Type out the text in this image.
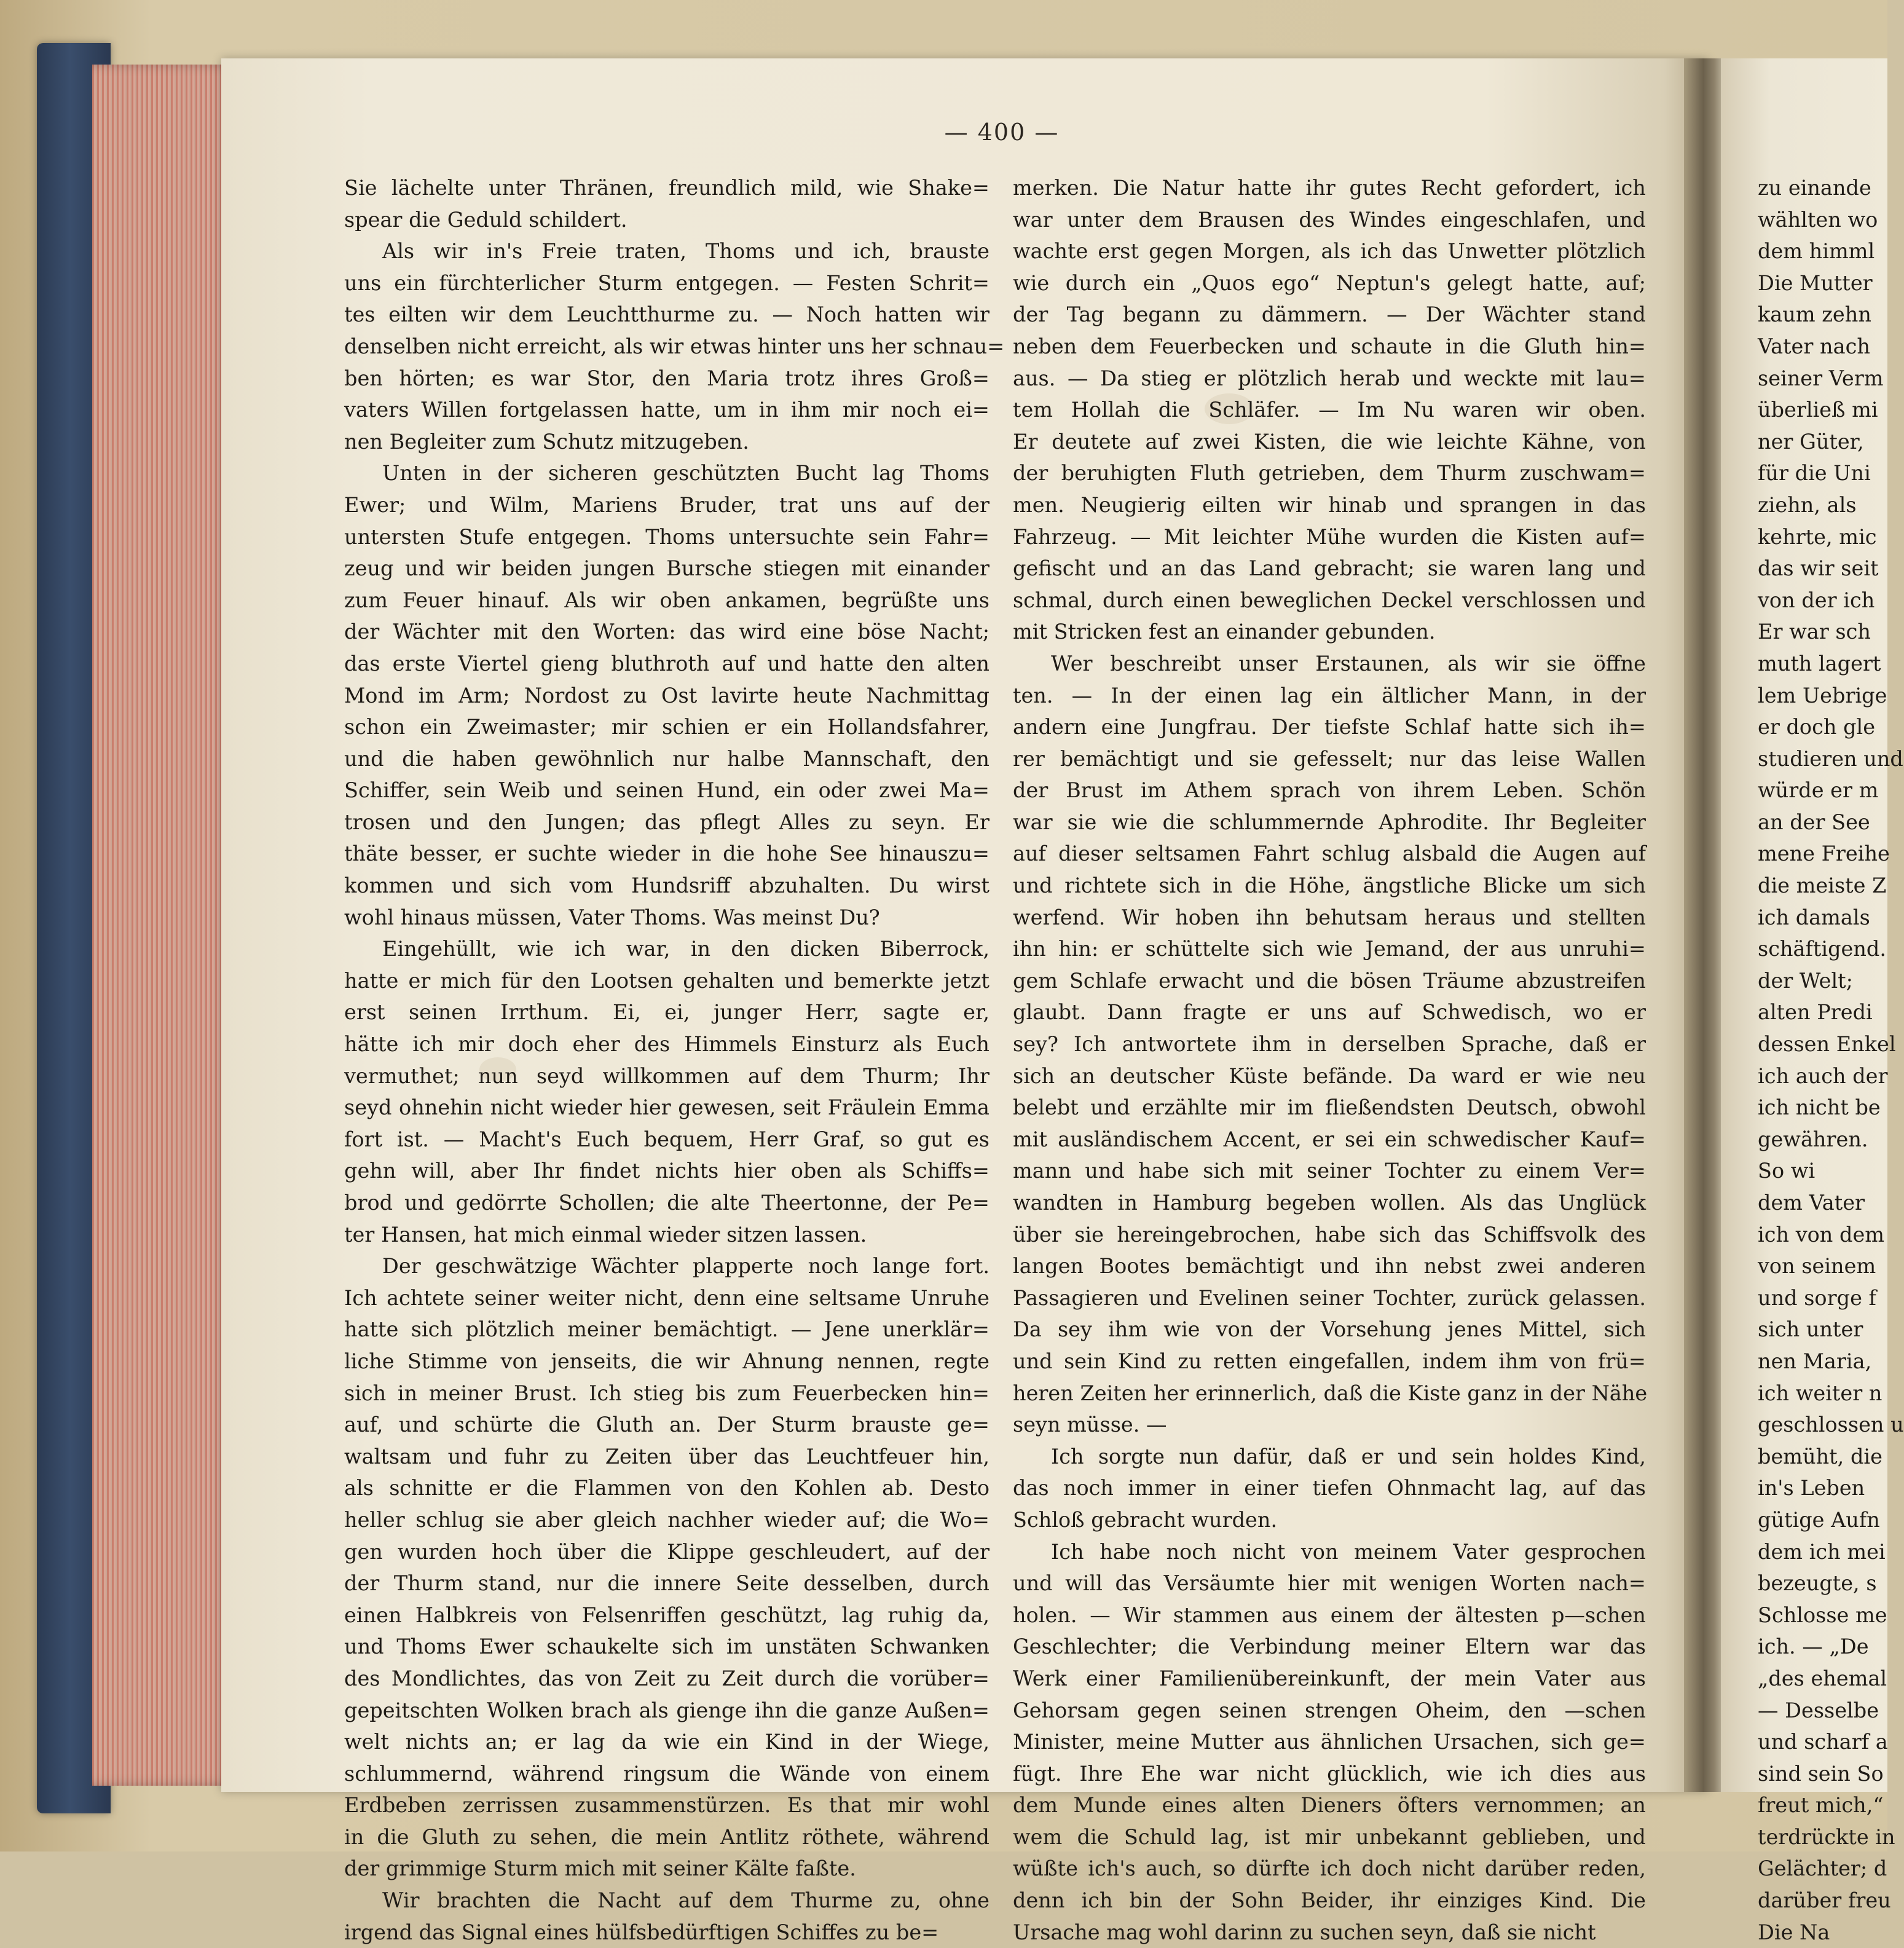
— 400 —
Sie lächelte unter Thränen, freundlich mild, wie Shake=
spear die Geduld schildert.
Als wir in's Freie traten, Thoms und ich, brauste
uns ein fürchterlicher Sturm entgegen. — Festen Schrit=
tes eilten wir dem Leuchtthurme zu. — Noch hatten wir
denselben nicht erreicht, als wir etwas hinter uns her schnau=
ben hörten; es war Stor, den Maria trotz ihres Groß=
vaters Willen fortgelassen hatte, um in ihm mir noch ei=
nen Begleiter zum Schutz mitzugeben.
Unten in der sicheren geschützten Bucht lag Thoms
Ewer; und Wilm, Mariens Bruder, trat uns auf der
untersten Stufe entgegen. Thoms untersuchte sein Fahr=
zeug und wir beiden jungen Bursche stiegen mit einander
zum Feuer hinauf. Als wir oben ankamen, begrüßte uns
der Wächter mit den Worten: das wird eine böse Nacht;
das erste Viertel gieng bluthroth auf und hatte den alten
Mond im Arm; Nordost zu Ost lavirte heute Nachmittag
schon ein Zweimaster; mir schien er ein Hollandsfahrer,
und die haben gewöhnlich nur halbe Mannschaft, den
Schiffer, sein Weib und seinen Hund, ein oder zwei Ma=
trosen und den Jungen; das pflegt Alles zu seyn. Er
thäte besser, er suchte wieder in die hohe See hinauszu=
kommen und sich vom Hundsriff abzuhalten. Du wirst
wohl hinaus müssen, Vater Thoms. Was meinst Du?
Eingehüllt, wie ich war, in den dicken Biberrock,
hatte er mich für den Lootsen gehalten und bemerkte jetzt
erst seinen Irrthum. Ei, ei, junger Herr, sagte er,
hätte ich mir doch eher des Himmels Einsturz als Euch
vermuthet; nun seyd willkommen auf dem Thurm; Ihr
seyd ohnehin nicht wieder hier gewesen, seit Fräulein Emma
fort ist. — Macht's Euch bequem, Herr Graf, so gut es
gehn will, aber Ihr findet nichts hier oben als Schiffs=
brod und gedörrte Schollen; die alte Theertonne, der Pe=
ter Hansen, hat mich einmal wieder sitzen lassen.
Der geschwätzige Wächter plapperte noch lange fort.
Ich achtete seiner weiter nicht, denn eine seltsame Unruhe
hatte sich plötzlich meiner bemächtigt. — Jene unerklär=
liche Stimme von jenseits, die wir Ahnung nennen, regte
sich in meiner Brust. Ich stieg bis zum Feuerbecken hin=
auf, und schürte die Gluth an. Der Sturm brauste ge=
waltsam und fuhr zu Zeiten über das Leuchtfeuer hin,
als schnitte er die Flammen von den Kohlen ab. Desto
heller schlug sie aber gleich nachher wieder auf; die Wo=
gen wurden hoch über die Klippe geschleudert, auf der
der Thurm stand, nur die innere Seite desselben, durch
einen Halbkreis von Felsenriffen geschützt, lag ruhig da,
und Thoms Ewer schaukelte sich im unstäten Schwanken
des Mondlichtes, das von Zeit zu Zeit durch die vorüber=
gepeitschten Wolken brach als gienge ihn die ganze Außen=
welt nichts an; er lag da wie ein Kind in der Wiege,
schlummernd, während ringsum die Wände von einem
Erdbeben zerrissen zusammenstürzen. Es that mir wohl
in die Gluth zu sehen, die mein Antlitz röthete, während
der grimmige Sturm mich mit seiner Kälte faßte.
Wir brachten die Nacht auf dem Thurme zu, ohne
irgend das Signal eines hülfsbedürftigen Schiffes zu be=
merken. Die Natur hatte ihr gutes Recht gefordert, ich
war unter dem Brausen des Windes eingeschlafen, und
wachte erst gegen Morgen, als ich das Unwetter plötzlich
wie durch ein „Quos ego“ Neptun's gelegt hatte, auf;
der Tag begann zu dämmern. — Der Wächter stand
neben dem Feuerbecken und schaute in die Gluth hin=
aus. — Da stieg er plötzlich herab und weckte mit lau=
tem Hollah die Schläfer. — Im Nu waren wir oben.
Er deutete auf zwei Kisten, die wie leichte Kähne, von
der beruhigten Fluth getrieben, dem Thurm zuschwam=
men. Neugierig eilten wir hinab und sprangen in das
Fahrzeug. — Mit leichter Mühe wurden die Kisten auf=
gefischt und an das Land gebracht; sie waren lang und
schmal, durch einen beweglichen Deckel verschlossen und
mit Stricken fest an einander gebunden.
Wer beschreibt unser Erstaunen, als wir sie öffne
ten. — In der einen lag ein ältlicher Mann, in der
andern eine Jungfrau. Der tiefste Schlaf hatte sich ih=
rer bemächtigt und sie gefesselt; nur das leise Wallen
der Brust im Athem sprach von ihrem Leben. Schön
war sie wie die schlummernde Aphrodite. Ihr Begleiter
auf dieser seltsamen Fahrt schlug alsbald die Augen auf
und richtete sich in die Höhe, ängstliche Blicke um sich
werfend. Wir hoben ihn behutsam heraus und stellten
ihn hin: er schüttelte sich wie Jemand, der aus unruhi=
gem Schlafe erwacht und die bösen Träume abzustreifen
glaubt. Dann fragte er uns auf Schwedisch, wo er
sey? Ich antwortete ihm in derselben Sprache, daß er
sich an deutscher Küste befände. Da ward er wie neu
belebt und erzählte mir im fließendsten Deutsch, obwohl
mit ausländischem Accent, er sei ein schwedischer Kauf=
mann und habe sich mit seiner Tochter zu einem Ver=
wandten in Hamburg begeben wollen. Als das Unglück
über sie hereingebrochen, habe sich das Schiffsvolk des
langen Bootes bemächtigt und ihn nebst zwei anderen
Passagieren und Evelinen seiner Tochter, zurück gelassen.
Da sey ihm wie von der Vorsehung jenes Mittel, sich
und sein Kind zu retten eingefallen, indem ihm von frü=
heren Zeiten her erinnerlich, daß die Kiste ganz in der Nähe
seyn müsse. —
Ich sorgte nun dafür, daß er und sein holdes Kind,
das noch immer in einer tiefen Ohnmacht lag, auf das
Schloß gebracht wurden.
Ich habe noch nicht von meinem Vater gesprochen
und will das Versäumte hier mit wenigen Worten nach=
holen. — Wir stammen aus einem der ältesten p—schen
Geschlechter; die Verbindung meiner Eltern war das
Werk einer Familienübereinkunft, der mein Vater aus
Gehorsam gegen seinen strengen Oheim, den —schen
Minister, meine Mutter aus ähnlichen Ursachen, sich ge=
fügt. Ihre Ehe war nicht glücklich, wie ich dies aus
dem Munde eines alten Dieners öfters vernommen; an
wem die Schuld lag, ist mir unbekannt geblieben, und
wüßte ich's auch, so dürfte ich doch nicht darüber reden,
denn ich bin der Sohn Beider, ihr einziges Kind. Die
Ursache mag wohl darinn zu suchen seyn, daß sie nicht
zu einande
wählten wo
dem himml
Die Mutter
kaum zehn
Vater nach
seiner Verm
überließ mi
ner Güter,
für die Uni
ziehn, als
kehrte, mic
das wir seit
von der ich
Er war sch
muth lagert
lem Uebrige
er doch gle
studieren und
würde er m
an der See
mene Freihe
die meiste Z
ich damals
schäftigend.
der Welt;
alten Predi
dessen Enkel
ich auch der
ich nicht be
gewähren.
So wi
dem Vater
ich von dem
von seinem
und sorge f
sich unter
nen Maria,
ich weiter n
geschlossen u
bemüht, die
in's Leben
gütige Aufn
dem ich mei
bezeugte, s
Schlosse me
ich. — „De
„des ehemal
— Desselbe
und scharf a
sind sein So
freut mich,“
terdrückte in
Gelächter; d
darüber freu
Die Na
